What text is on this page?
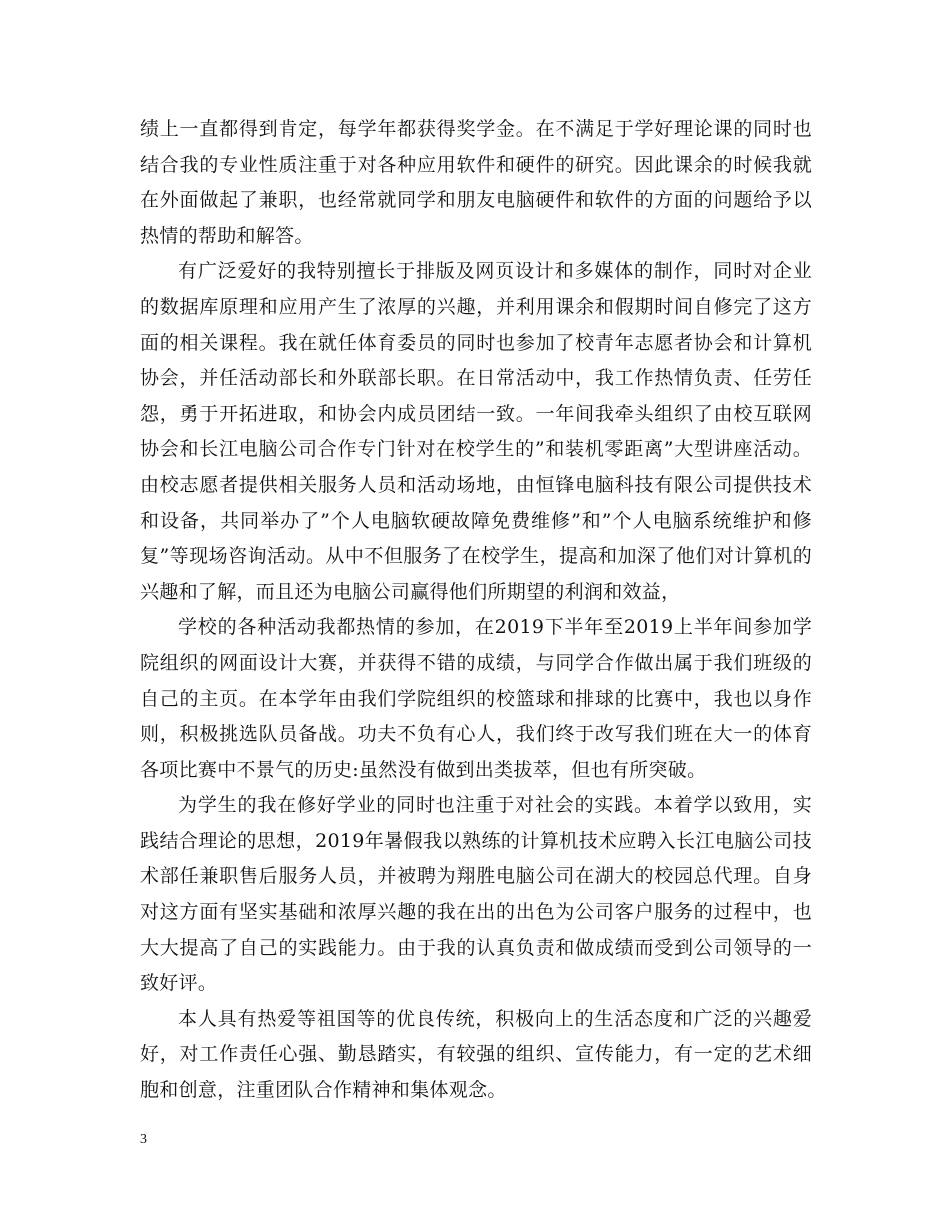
绩上一直都得到肯定，每学年都获得奖学金。在不满足于学好理论课的同时也结合我的专业性质注重于对各种应用软件和硬件的研究。因此课余的时候我就在外面做起了兼职，也经常就同学和朋友电脑硬件和软件的方面的问题给予以热情的帮助和解答。

有广泛爱好的我特别擅长于排版及网页设计和多媒体的制作，同时对企业的数据库原理和应用产生了浓厚的兴趣，并利用课余和假期时间自修完了这方面的相关课程。我在就任体育委员的同时也参加了校青年志愿者协会和计算机协会，并任活动部长和外联部长职。在日常活动中，我工作热情负责、任劳任怨，勇于开拓进取，和协会内成员团结一致。一年间我牵头组织了由校互联网协会和长江电脑公司合作专门针对在校学生的”和装机零距离”大型讲座活动。由校志愿者提供相关服务人员和活动场地，由恒锋电脑科技有限公司提供技术和设备，共同举办了”个人电脑软硬故障免费维修”和”个人电脑系统维护和修复”等现场咨询活动。从中不但服务了在校学生，提高和加深了他们对计算机的兴趣和了解，而且还为电脑公司赢得他们所期望的利润和效益，

学校的各种活动我都热情的参加，在2019下半年至2019上半年间参加学院组织的网面设计大赛，并获得不错的成绩，与同学合作做出属于我们班级的自己的主页。在本学年由我们学院组织的校篮球和排球的比赛中，我也以身作则，积极挑选队员备战。功夫不负有心人，我们终于改写我们班在大一的体育各项比赛中不景气的历史:虽然没有做到出类拔萃，但也有所突破。

为学生的我在修好学业的同时也注重于对社会的实践。本着学以致用，实践结合理论的思想，2019年暑假我以熟练的计算机技术应聘入长江电脑公司技术部任兼职售后服务人员，并被聘为翔胜电脑公司在湖大的校园总代理。自身对这方面有坚实基础和浓厚兴趣的我在出的出色为公司客户服务的过程中，也大大提高了自己的实践能力。由于我的认真负责和做成绩而受到公司领导的一致好评。

本人具有热爱等祖国等的优良传统，积极向上的生活态度和广泛的兴趣爱好，对工作责任心强、勤恳踏实，有较强的组织、宣传能力，有一定的艺术细胞和创意，注重团队合作精神和集体观念。

3
